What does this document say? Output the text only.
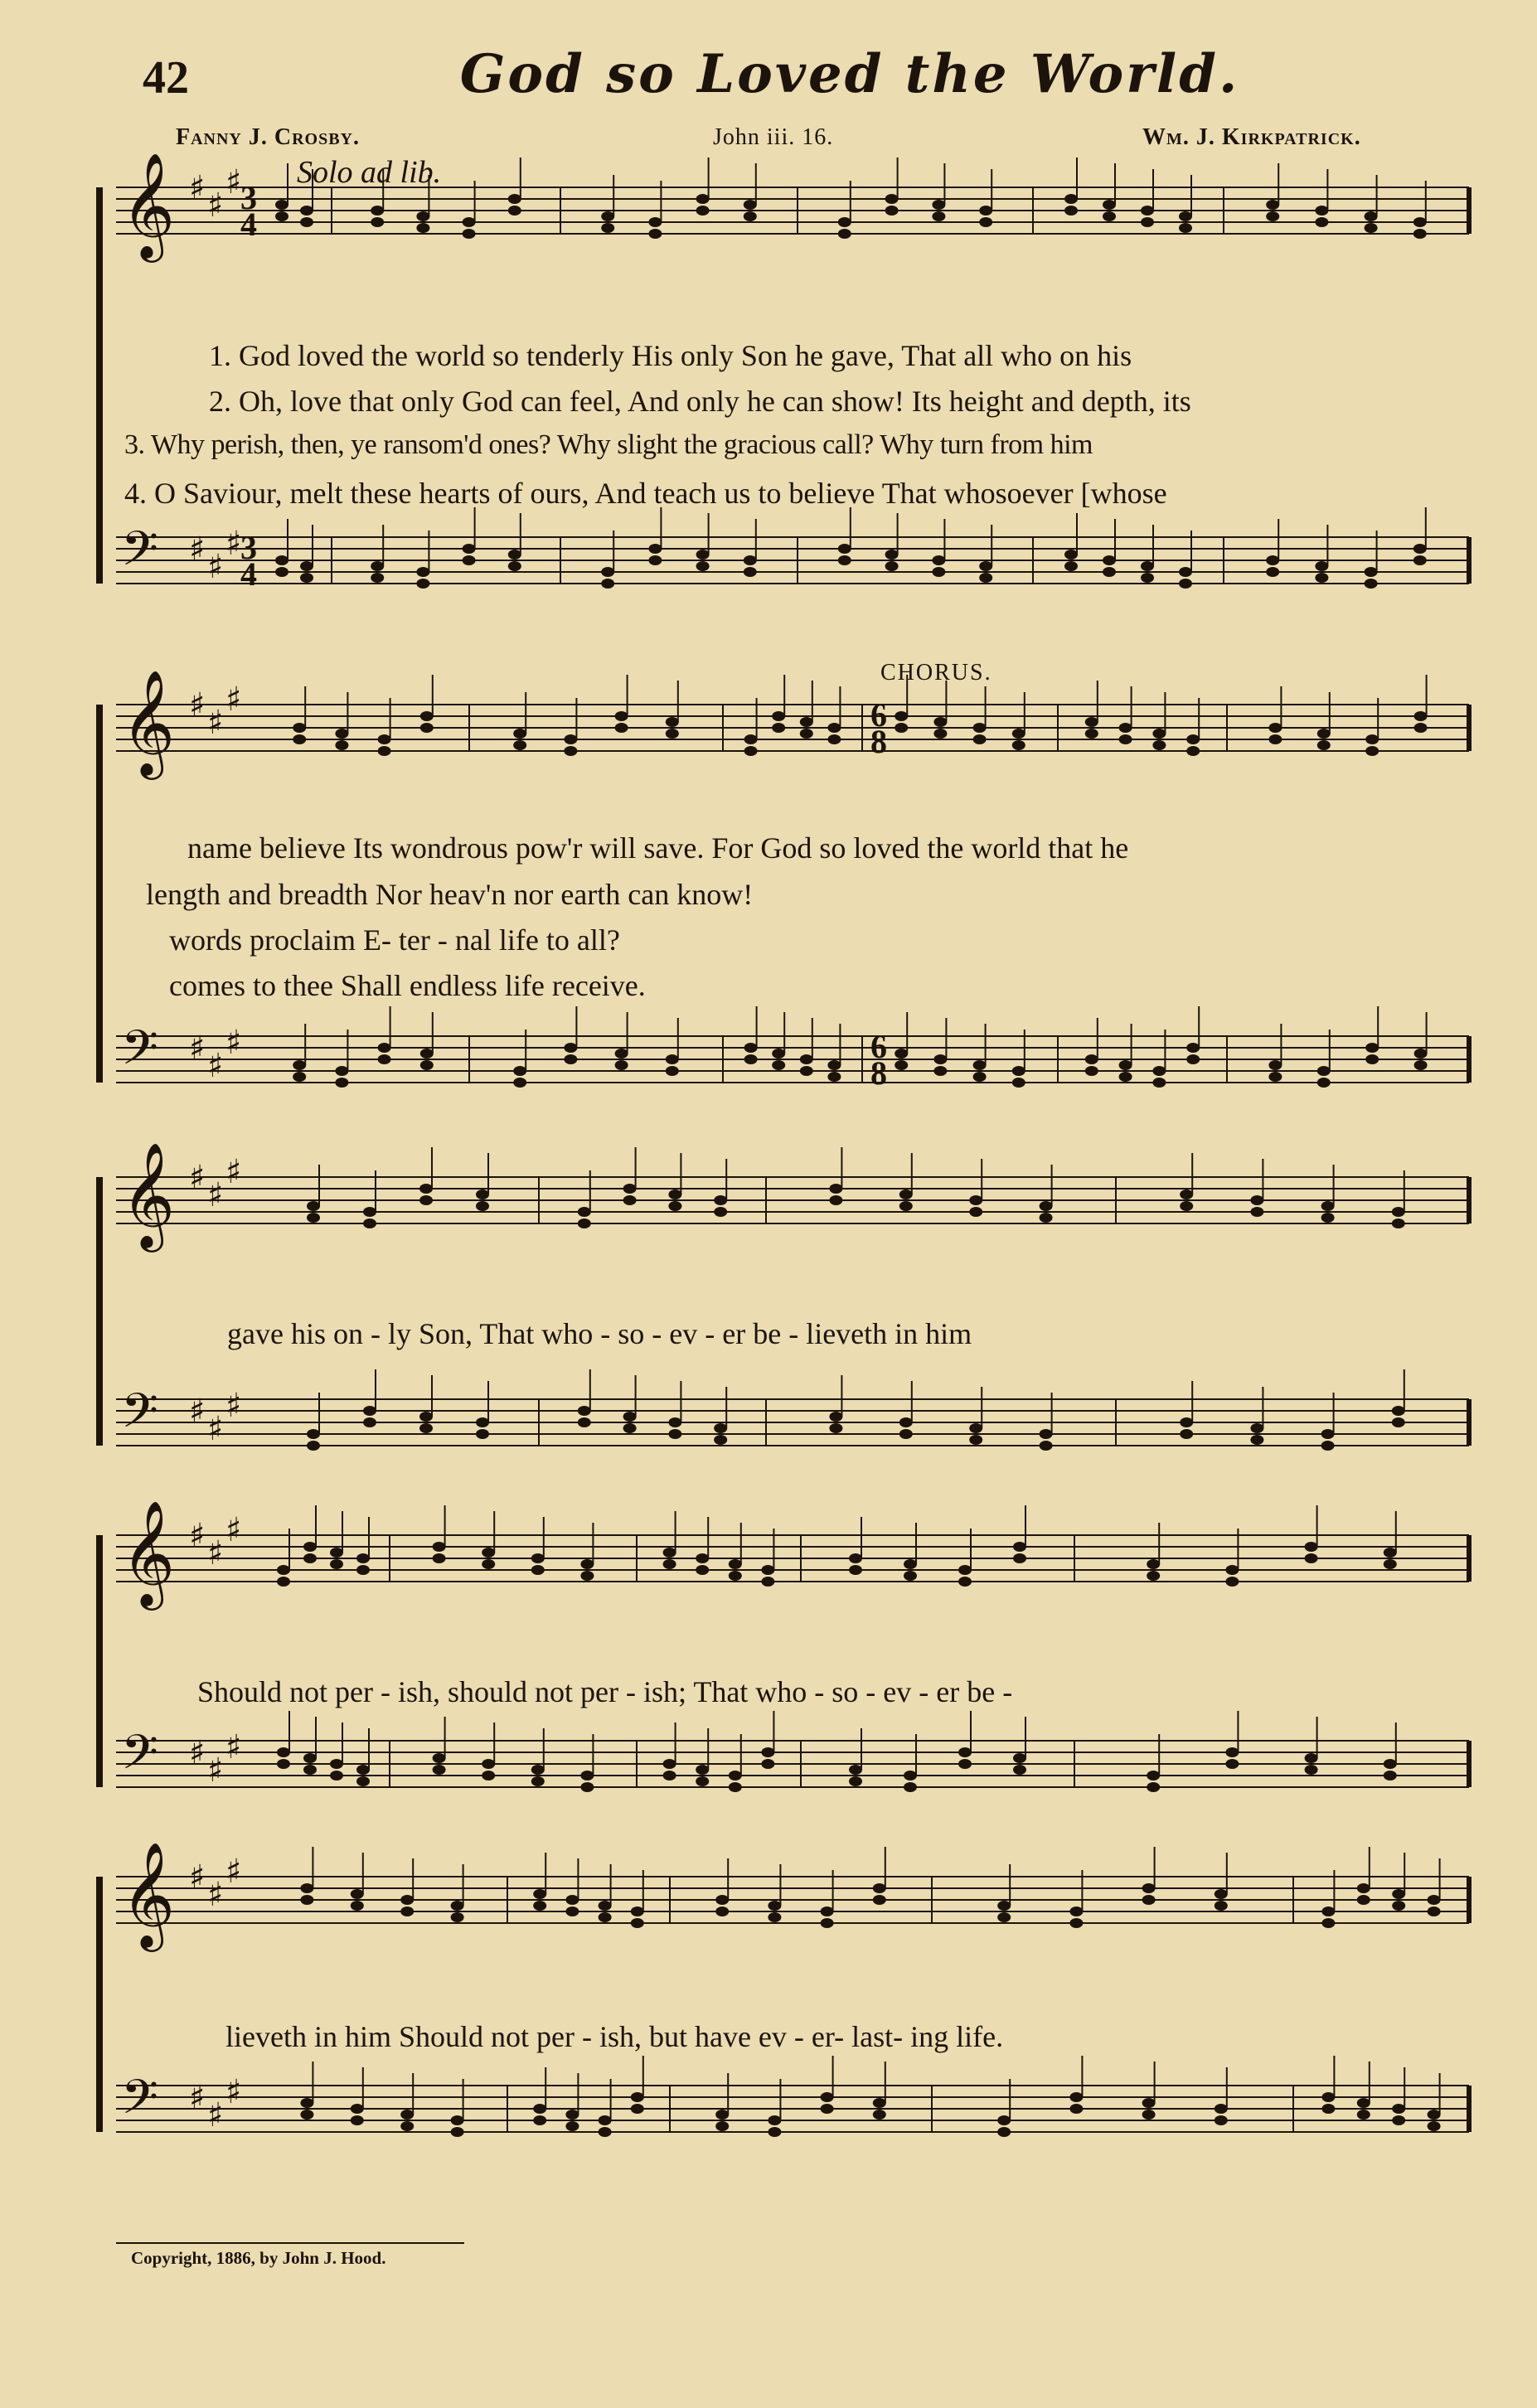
42	God so Loved the World.
Fanny J. Crosby.	John iii. 16.	Wm. J. Kirkpatrick.
Solo ad lib.
CHORUS.
𝄞 ♯ ♯
♯
𝄢 ♯ ♯
♯
3
4
3
4
𝄞 ♯ ♯
♯
𝄢 ♯ ♯
♯
6
8
6
8
𝄞 ♯ ♯
♯
𝄢 ♯ ♯
♯
𝄞 ♯ ♯
♯
𝄢 ♯ ♯
♯
𝄞 ♯ ♯
♯
𝄢 ♯ ♯
♯
1. God loved the world so tenderly His only Son he gave, That all who on his
2. Oh, love that only God can feel, And only he can show! Its height and depth, its
3. Why perish, then, ye ransom'd ones? Why slight the gracious call? Why turn from him
4. O Saviour, melt these hearts of ours, And teach us to believe That whosoever [whose
name believe Its wondrous pow'r will save. For God so loved the world that he
length and breadth Nor heav'n nor earth can know!
words proclaim E- ter - nal life to all?
comes to thee Shall endless life receive.
gave his on - ly Son, That who - so - ev - er be - lieveth in him
Should not per - ish, should not per - ish; That who - so - ev - er be -
lieveth in him Should not per - ish, but have ev - er- last- ing life.
Copyright, 1886, by John J. Hood.
